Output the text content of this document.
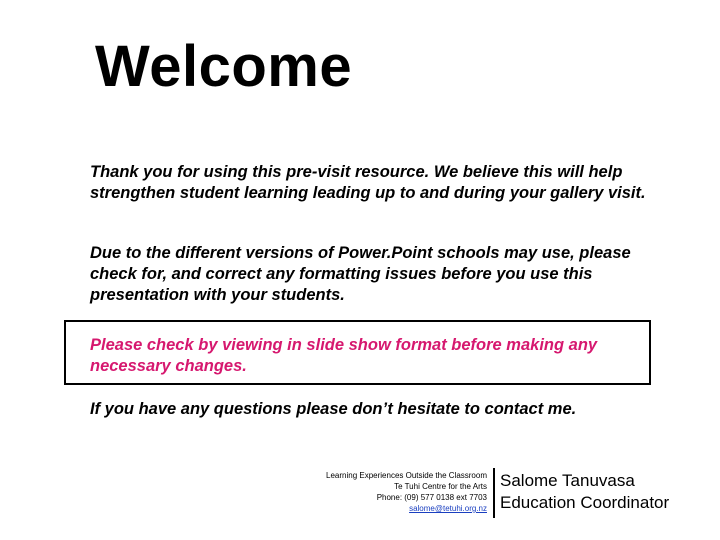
Welcome
Thank you for using this pre-visit resource. We believe this will help strengthen student learning leading up to and during your gallery visit.
Due to the different versions of Power.Point schools may use, please check for, and correct any formatting issues before you use this presentation with your students.
Please check by viewing in slide show format before making any necessary changes.
If you have any questions please don’t hesitate to contact me.
Learning Experiences Outside the Classroom
Te Tuhi Centre for the Arts
Phone: (09) 577 0138 ext 7703
salome@tetuhi.org.nz
Salome Tanuvasa
Education Coordinator
